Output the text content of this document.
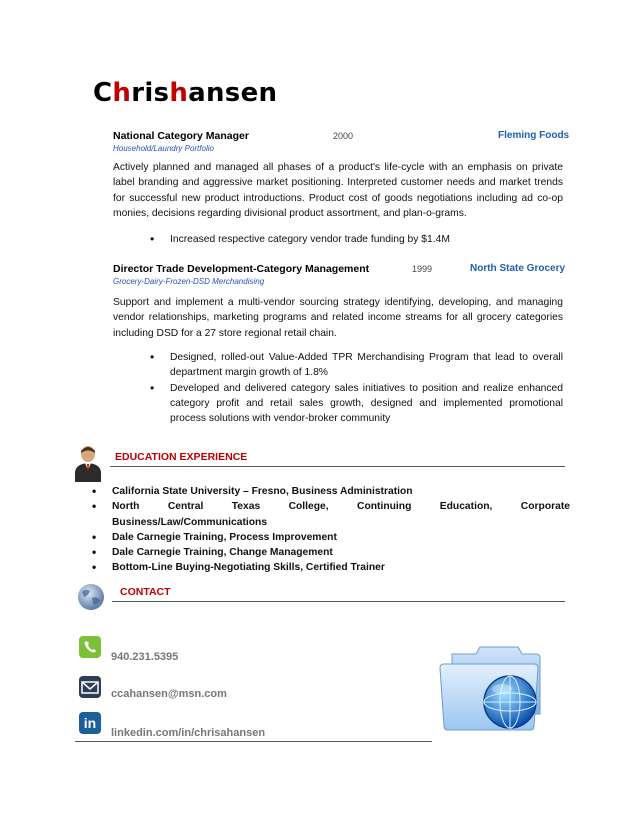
Chrishansen
National Category Manager	2000	Fleming Foods
Household/Laundry Portfolio
Actively planned and managed all phases of a product's life-cycle with an emphasis on private label branding and aggressive market positioning. Interpreted customer needs and market trends for successful new product introductions. Product cost of goods negotiations including ad co-op monies, decisions regarding divisional product assortment, and plan-o-grams.
• Increased respective category vendor trade funding by $1.4M
Director Trade Development-Category Management	1999	North State Grocery
Grocery-Dairy-Frozen-DSD Merchandising
Support and implement a multi-vendor sourcing strategy identifying, developing, and managing vendor relationships, marketing programs and related income streams for all grocery categories including DSD for a 27 store regional retail chain.
• Designed, rolled-out Value-Added TPR Merchandising Program that lead to overall department margin growth of 1.8%
• Developed and delivered category sales initiatives to position and realize enhanced category profit and retail sales growth, designed and implemented promotional process solutions with vendor-broker community
EDUCATION EXPERIENCE
• California State University – Fresno, Business Administration
• North Central Texas College, Continuing Education, Corporate Business/Law/Communications
• Dale Carnegie Training, Process Improvement
• Dale Carnegie Training, Change Management
• Bottom-Line Buying-Negotiating Skills, Certified Trainer
CONTACT
940.231.5395
ccahansen@msn.com
in
linkedin.com/in/chrisahansen
